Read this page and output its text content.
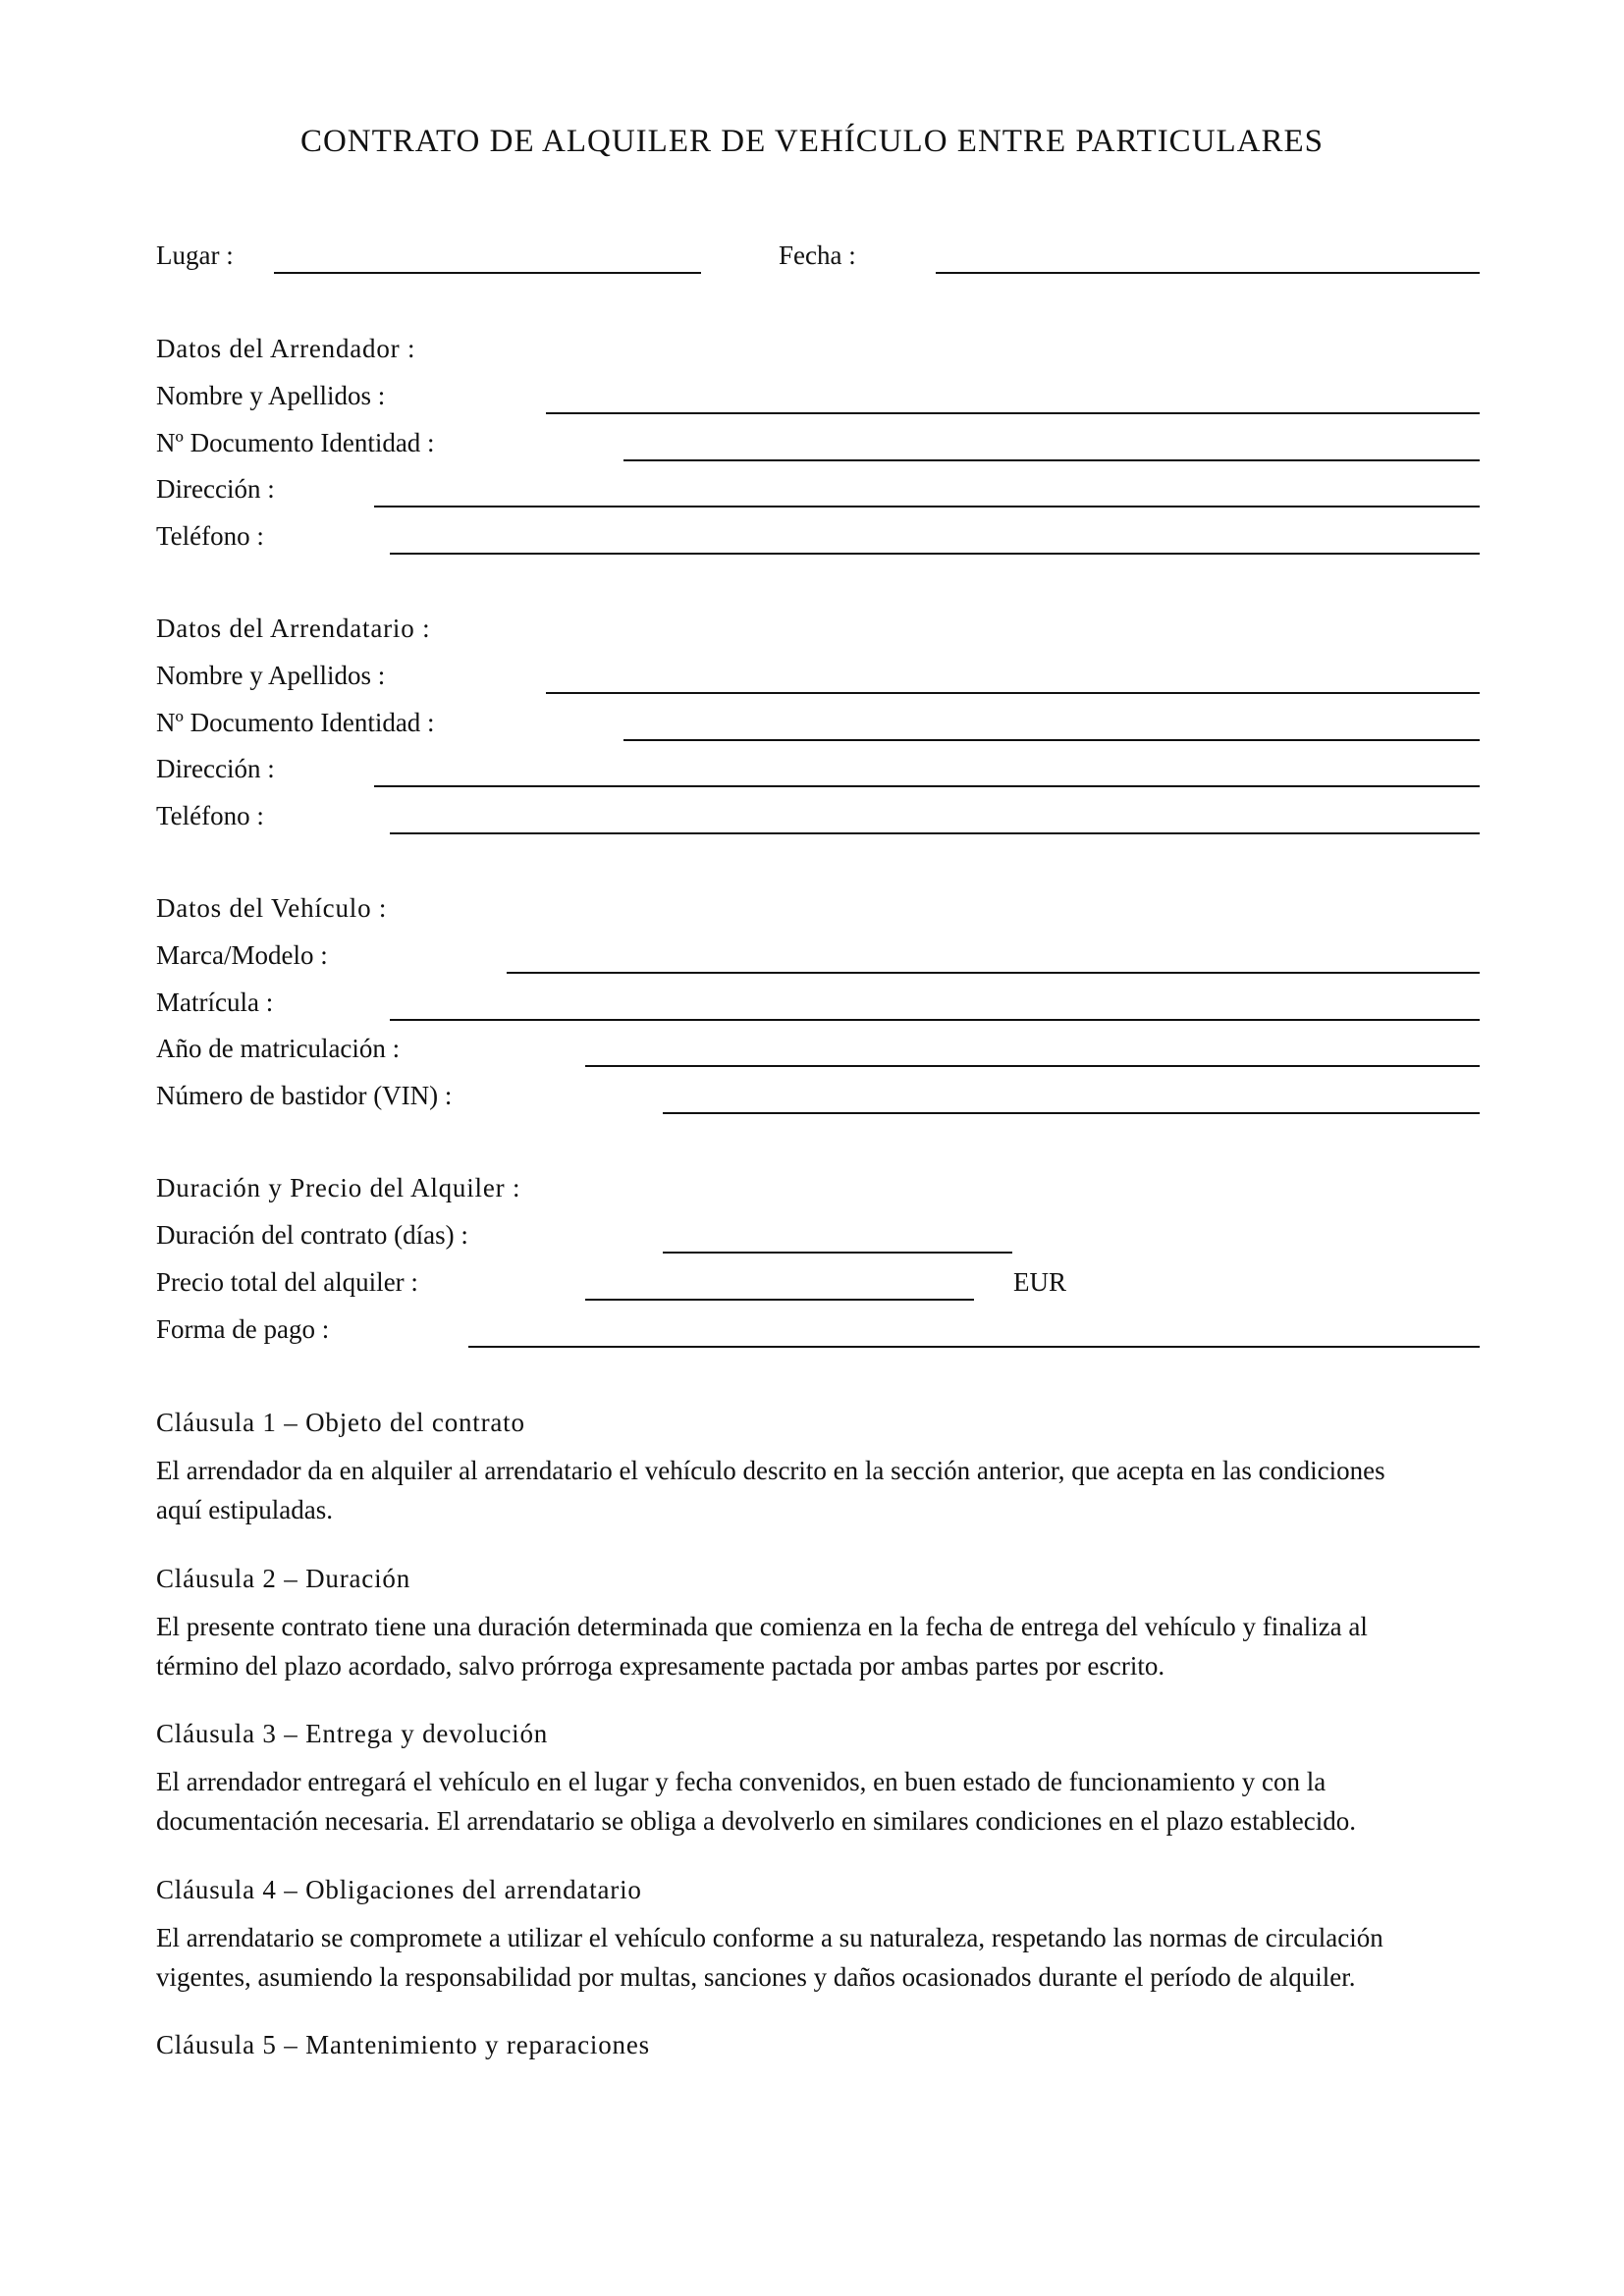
CONTRATO DE ALQUILER DE VEHÍCULO ENTRE PARTICULARES
Lugar :	Fecha :
Datos del Arrendador :
Nombre y Apellidos :
Nº Documento Identidad :
Dirección :
Teléfono :
Datos del Arrendatario :
Nombre y Apellidos :
Nº Documento Identidad :
Dirección :
Teléfono :
Datos del Vehículo :
Marca/Modelo :
Matrícula :
Año de matriculación :
Número de bastidor (VIN) :
Duración y Precio del Alquiler :
Duración del contrato (días) :
Precio total del alquiler :	EUR
Forma de pago :
Cláusula 1 – Objeto del contrato
El arrendador da en alquiler al arrendatario el vehículo descrito en la sección anterior, que acepta en las condiciones
aquí estipuladas.
Cláusula 2 – Duración
El presente contrato tiene una duración determinada que comienza en la fecha de entrega del vehículo y finaliza al
término del plazo acordado, salvo prórroga expresamente pactada por ambas partes por escrito.
Cláusula 3 – Entrega y devolución
El arrendador entregará el vehículo en el lugar y fecha convenidos, en buen estado de funcionamiento y con la
documentación necesaria. El arrendatario se obliga a devolverlo en similares condiciones en el plazo establecido.
Cláusula 4 – Obligaciones del arrendatario
El arrendatario se compromete a utilizar el vehículo conforme a su naturaleza, respetando las normas de circulación
vigentes, asumiendo la responsabilidad por multas, sanciones y daños ocasionados durante el período de alquiler.
Cláusula 5 – Mantenimiento y reparaciones
